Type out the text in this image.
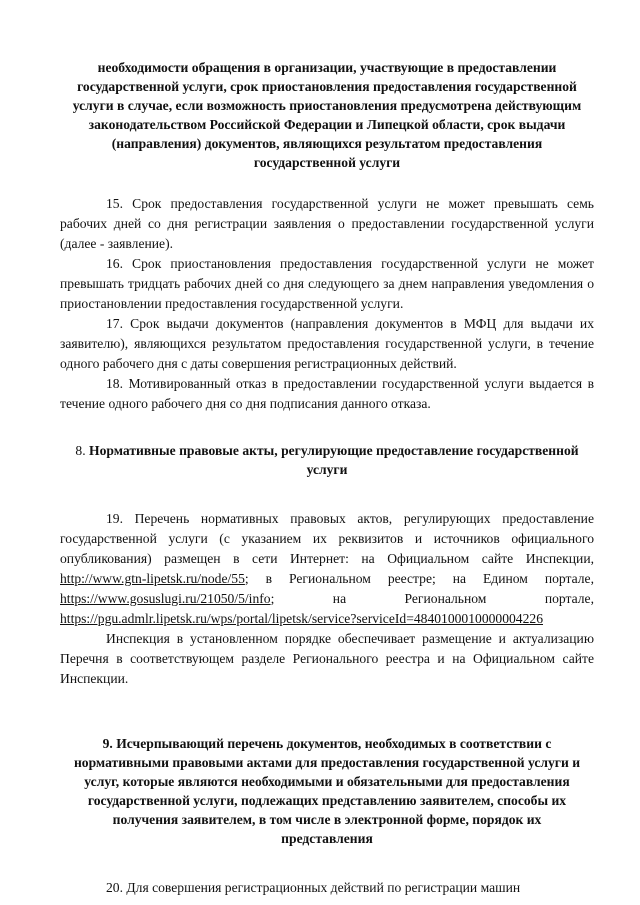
необходимости обращения в организации, участвующие в предоставлении государственной услуги, срок приостановления предоставления государственной услуги в случае, если возможность приостановления предусмотрена действующим законодательством Российской Федерации и Липецкой области, срок выдачи (направления) документов, являющихся результатом предоставления государственной услуги

15. Срок предоставления государственной услуги не может превышать семь рабочих дней со дня регистрации заявления о предоставлении государственной услуги (далее - заявление).

16. Срок приостановления предоставления государственной услуги не может превышать тридцать рабочих дней со дня следующего за днем направления уведомления о приостановлении предоставления государственной услуги.

17. Срок выдачи документов (направления документов в МФЦ для выдачи их заявителю), являющихся результатом предоставления государственной услуги, в течение одного рабочего дня с даты совершения регистрационных действий.

18. Мотивированный отказ в предоставлении государственной услуги выдается в течение одного рабочего дня со дня подписания данного отказа.

8. Нормативные правовые акты, регулирующие предоставление государственной услуги

19. Перечень нормативных правовых актов, регулирующих предоставление государственной услуги (с указанием их реквизитов и источников официального опубликования) размещен в сети Интернет: на Официальном сайте Инспекции, http://www.gtn-lipetsk.ru/node/55; в Региональном реестре; на Едином портале, https://www.gosuslugi.ru/21050/5/info; на Региональном портале, https://pgu.admlr.lipetsk.ru/wps/portal/lipetsk/service?serviceId=4840100010000004226

Инспекция в установленном порядке обеспечивает размещение и актуализацию Перечня в соответствующем разделе Регионального реестра и на Официальном сайте Инспекции.

9. Исчерпывающий перечень документов, необходимых в соответствии с нормативными правовыми актами для предоставления государственной услуги и услуг, которые являются необходимыми и обязательными для предоставления государственной услуги, подлежащих представлению заявителем, способы их получения заявителем, в том числе в электронной форме, порядок их представления

20. Для совершения регистрационных действий по регистрации машин
